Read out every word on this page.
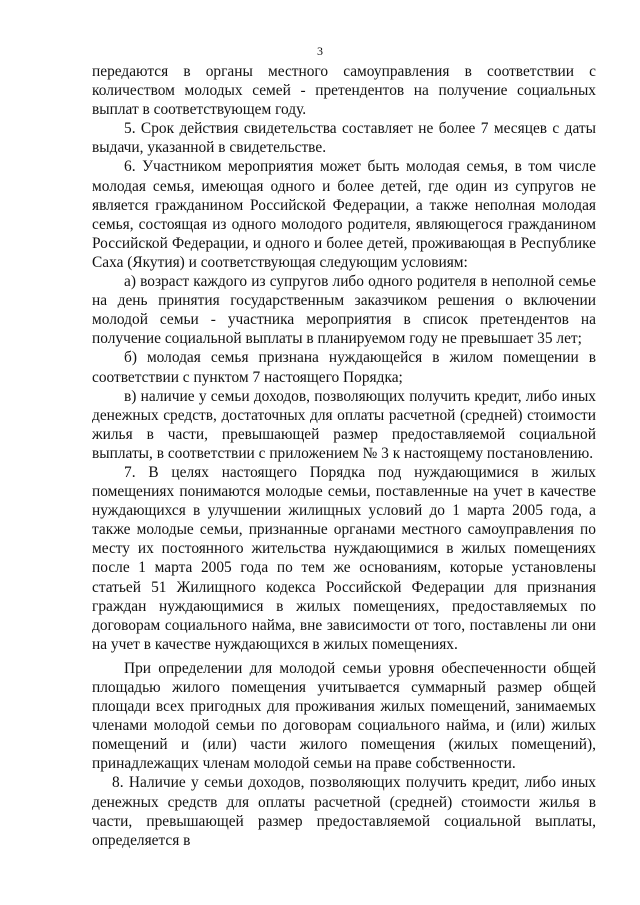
3

передаются в органы местного самоуправления в соответствии с количеством молодых семей - претендентов на получение социальных выплат в соответствующем году.

5. Срок действия свидетельства составляет не более 7 месяцев с даты выдачи, указанной в свидетельстве.

6. Участником мероприятия может быть молодая семья, в том числе молодая семья, имеющая одного и более детей, где один из супругов не является гражданином Российской Федерации, а также неполная молодая семья, состоящая из одного молодого родителя, являющегося гражданином Российской Федерации, и одного и более детей, проживающая в Республике Саха (Якутия) и соответствующая следующим условиям:

а) возраст каждого из супругов либо одного родителя в неполной семье на день принятия государственным заказчиком решения о включении молодой семьи - участника мероприятия в список претендентов на получение социальной выплаты в планируемом году не превышает 35 лет;

б) молодая семья признана нуждающейся в жилом помещении в соответствии с пунктом 7 настоящего Порядка;

в) наличие у семьи доходов, позволяющих получить кредит, либо иных денежных средств, достаточных для оплаты расчетной (средней) стоимости жилья в части, превышающей размер предоставляемой социальной выплаты, в соответствии с приложением № 3 к настоящему постановлению.

7. В целях настоящего Порядка под нуждающимися в жилых помещениях понимаются молодые семьи, поставленные на учет в качестве нуждающихся в улучшении жилищных условий до 1 марта 2005 года, а также молодые семьи, признанные органами местного самоуправления по месту их постоянного жительства нуждающимися в жилых помещениях после 1 марта 2005 года по тем же основаниям, которые установлены статьей 51 Жилищного кодекса Российской Федерации для признания граждан нуждающимися в жилых помещениях, предоставляемых по договорам социального найма, вне зависимости от того, поставлены ли они на учет в качестве нуждающихся в жилых помещениях.

При определении для молодой семьи уровня обеспеченности общей площадью жилого помещения учитывается суммарный размер общей площади всех пригодных для проживания жилых помещений, занимаемых членами молодой семьи по договорам социального найма, и (или) жилых помещений и (или) части жилого помещения (жилых помещений), принадлежащих членам молодой семьи на праве собственности.

8. Наличие у семьи доходов, позволяющих получить кредит, либо иных денежных средств для оплаты расчетной (средней) стоимости жилья в части, превышающей размер предоставляемой социальной выплаты, определяется в
